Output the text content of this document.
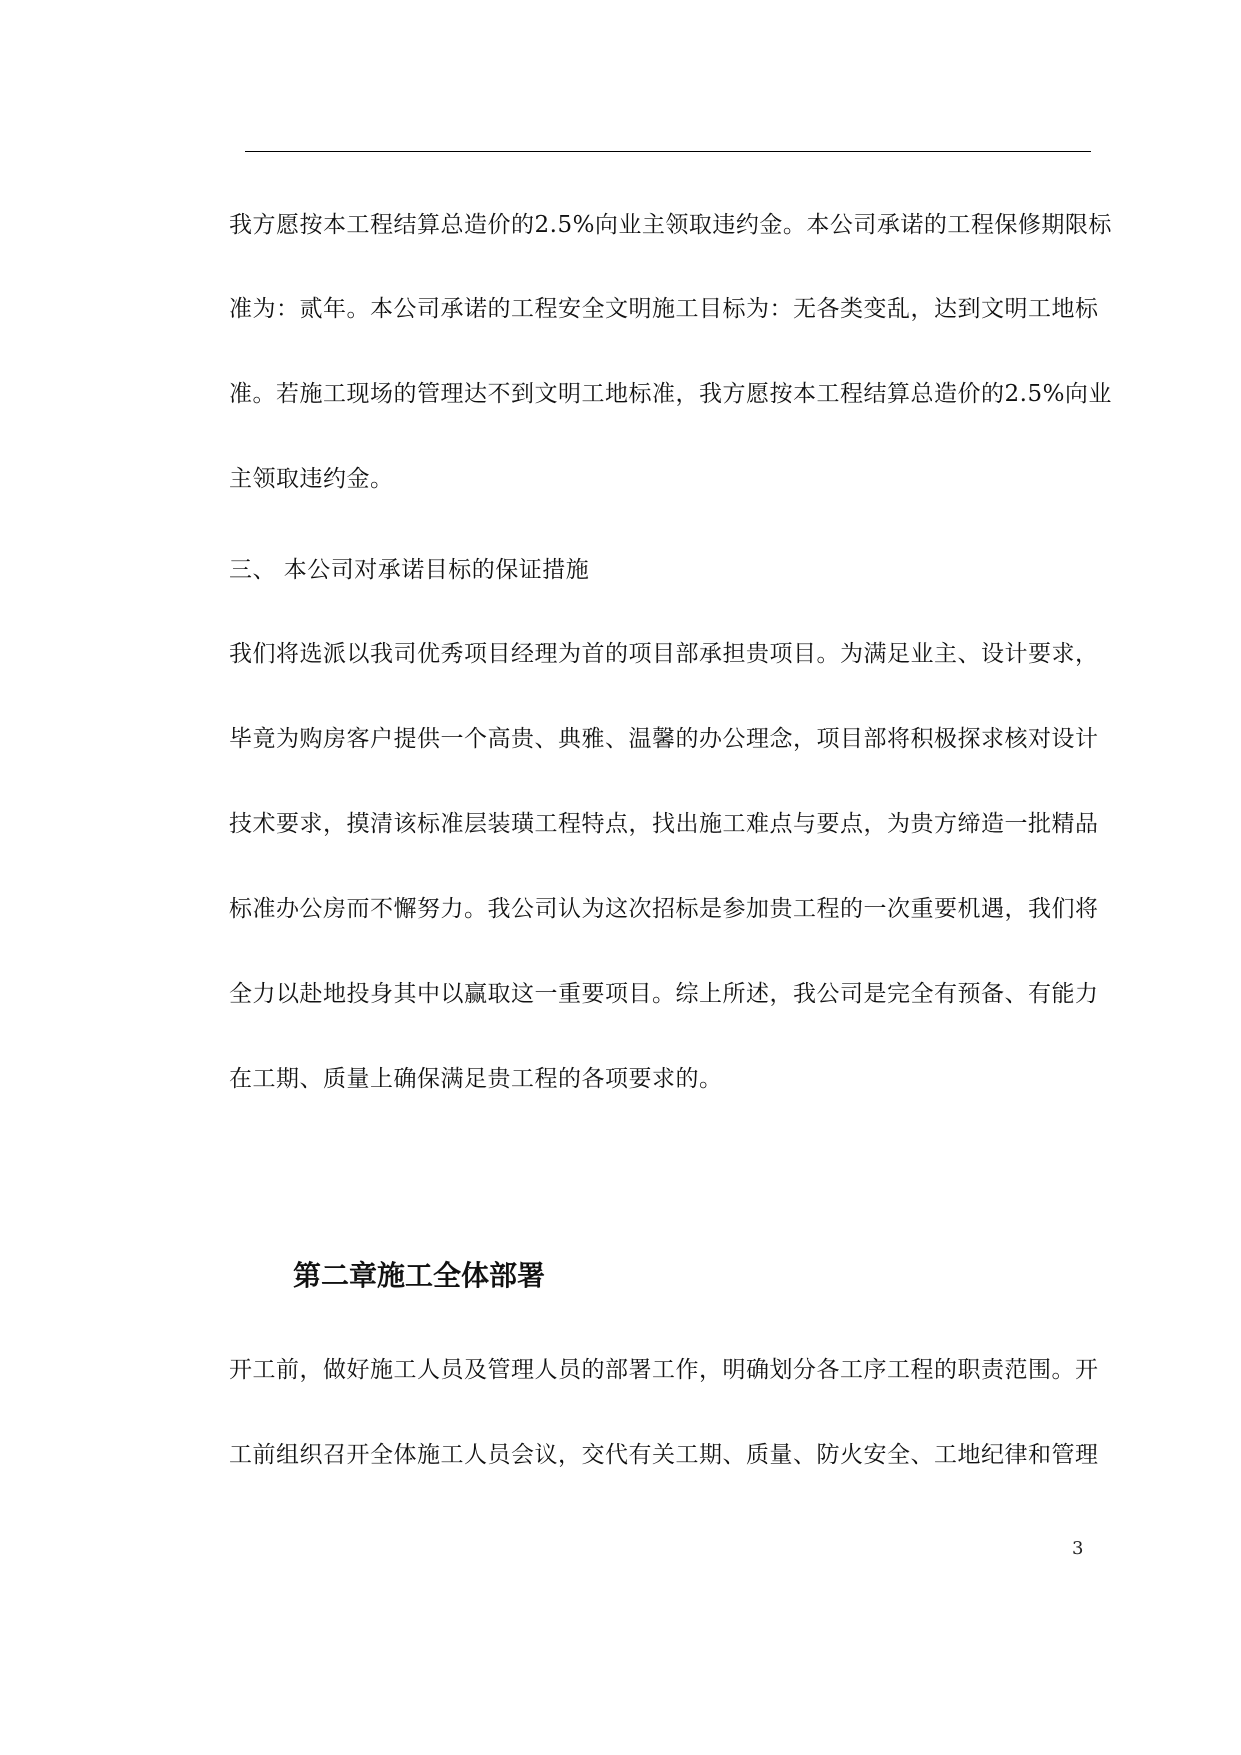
我方愿按本工程结算总造价的2.5%向业主领取违约金。本公司承诺的工程保修期限标
准为：贰年。本公司承诺的工程安全文明施工目标为：无各类变乱，达到文明工地标
准。若施工现场的管理达不到文明工地标准，我方愿按本工程结算总造价的2.5%向业
主领取违约金。
三、 本公司对承诺目标的保证措施
我们将选派以我司优秀项目经理为首的项目部承担贵项目。为满足业主、设计要求，
毕竟为购房客户提供一个高贵、典雅、温馨的办公理念，项目部将积极探求核对设计
技术要求，摸清该标准层装璜工程特点，找出施工难点与要点，为贵方缔造一批精品
标准办公房而不懈努力。我公司认为这次招标是参加贵工程的一次重要机遇，我们将
全力以赴地投身其中以赢取这一重要项目。综上所述，我公司是完全有预备、有能力
在工期、质量上确保满足贵工程的各项要求的。
第二章施工全体部署
开工前，做好施工人员及管理人员的部署工作，明确划分各工序工程的职责范围。开
工前组织召开全体施工人员会议，交代有关工期、质量、防火安全、工地纪律和管理
3
